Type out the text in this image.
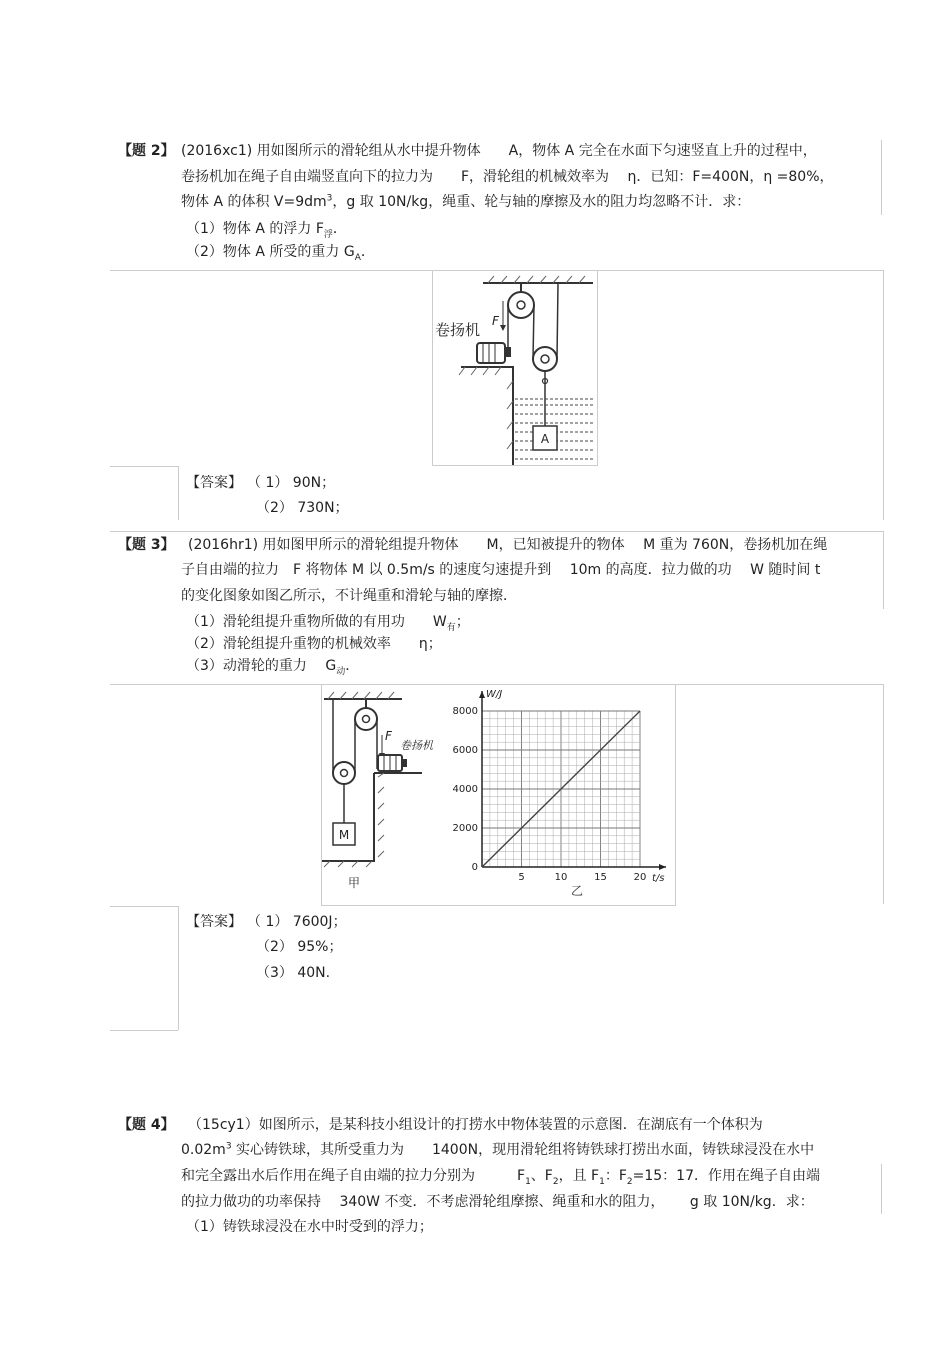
【题 2】 (2016xc1) 用如图所示的滑轮组从水中提升物体　　A，物体 A 完全在水面下匀速竖直上升的过程中，
卷扬机加在绳子自由端竖直向下的拉力为　　F，滑轮组的机械效率为　 η．已知：F=400N，η =80%，
物体 A 的体积 $V=9dm^3$，g 取 10N/kg，绳重、轮与轴的摩擦及水的阻力均忽略不计．求：
（1）物体 A 的浮力 $F_浮$．
（2）物体 A 所受的重力 $G_A$．
F
卷扬机
A
【答案】 （ 1） 90N；
（2） 730N；
【题 3】 (2016hr1) 用如图甲所示的滑轮组提升物体　　M，已知被提升的物体　 M 重为 760N，卷扬机加在绳
子自由端的拉力　F 将物体 M 以 0.5m/s 的速度匀速提升到　 10m 的高度．拉力做的功　 W 随时间 t
的变化图象如图乙所示，不计绳重和滑轮与轴的摩擦．
（1）滑轮组提升重物所做的有用功　　$W_有$；
（2）滑轮组提升重物的机械效率　　η；
（3）动滑轮的重力　 $G_动$．
F
卷扬机
M
甲	5	10	15	20
0
2000
4000
6000
8000
t/s
W/J
乙
【答案】 （ 1） 7600J；
（2） 95%；
（3） 40N.
【题 4】 （15cy1）如图所示，是某科技小组设计的打捞水中物体装置的示意图．在湖底有一个体积为
$0.02m^3$ 实心铸铁球，其所受重力为　　1400N，现用滑轮组将铸铁球打捞出水面，铸铁球浸没在水中
和完全露出水后作用在绳子自由端的拉力分别为　　　$F_1$、$F_2$，且 $F_1$：$F_2=15$：17．作用在绳子自由端
的拉力做功的功率保持　 340W 不变．不考虑滑轮组摩擦、绳重和水的阻力，　　 g 取 10N/kg．求：
（1）铸铁球浸没在水中时受到的浮力；
